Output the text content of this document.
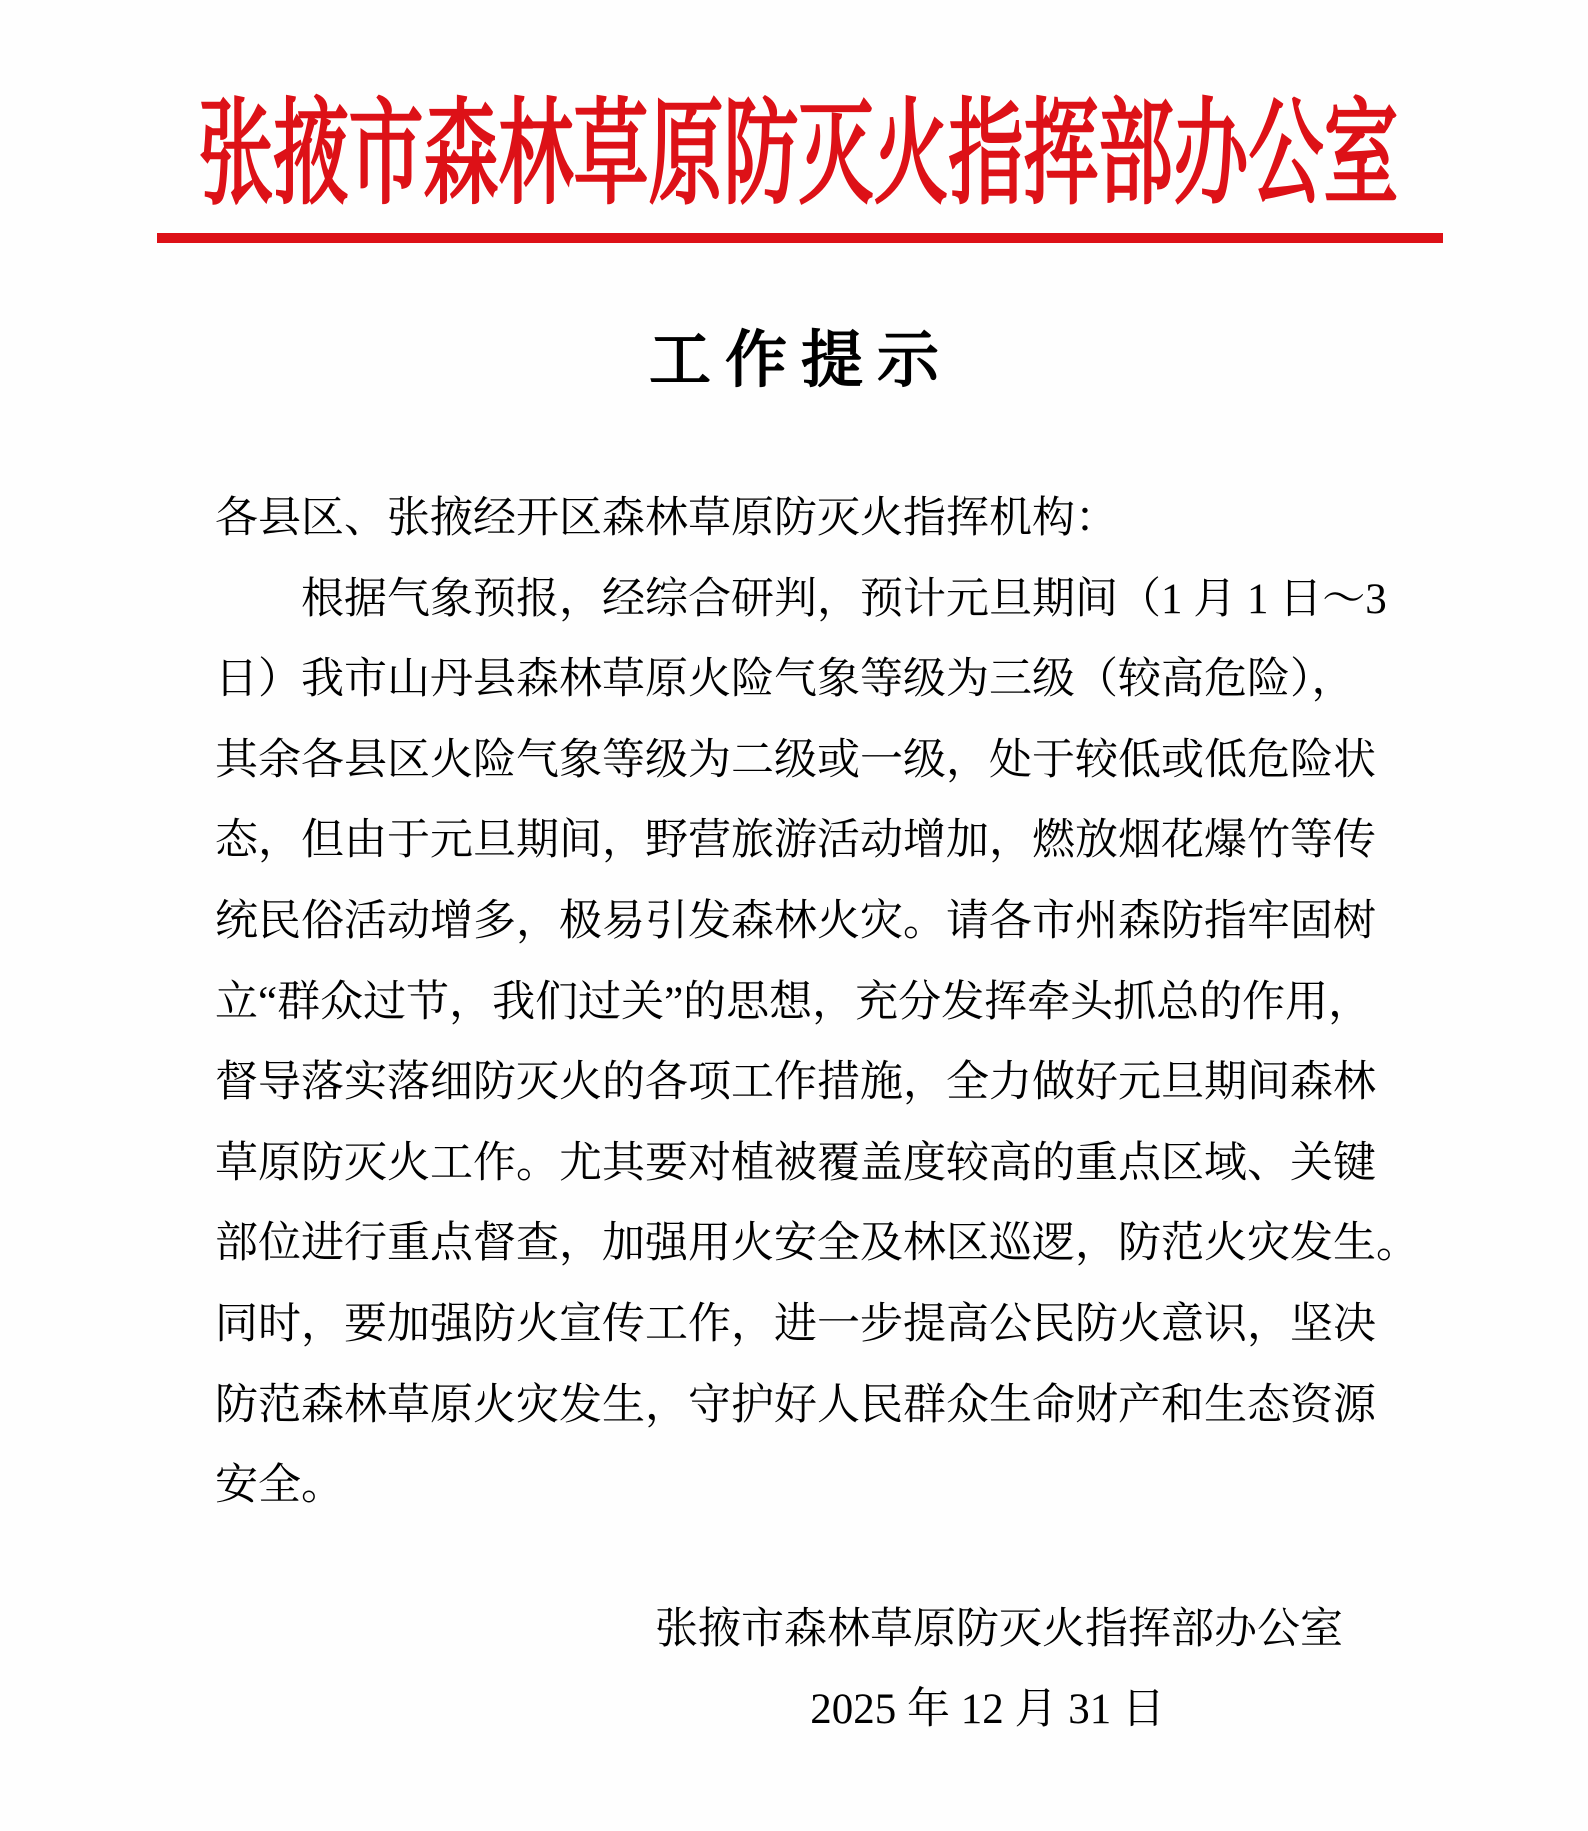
张掖市森林草原防灭火指挥部办公室
工作提示
各县区、张掖经开区森林草原防灭火指挥机构：
　　根据气象预报，经综合研判，预计元旦期间（1 月 1 日～3
日）我市山丹县森林草原火险气象等级为三级（较高危险），
其余各县区火险气象等级为二级或一级，处于较低或低危险状
态，但由于元旦期间，野营旅游活动增加，燃放烟花爆竹等传
统民俗活动增多，极易引发森林火灾。请各市州森防指牢固树
立“群众过节，我们过关”的思想，充分发挥牵头抓总的作用，
督导落实落细防灭火的各项工作措施，全力做好元旦期间森林
草原防灭火工作。尤其要对植被覆盖度较高的重点区域、关键
部位进行重点督查，加强用火安全及林区巡逻，防范火灾发生。
同时，要加强防火宣传工作，进一步提高公民防火意识，坚决
防范森林草原火灾发生，守护好人民群众生命财产和生态资源
安全。
张掖市森林草原防灭火指挥部办公室
2025 年 12 月 31 日
